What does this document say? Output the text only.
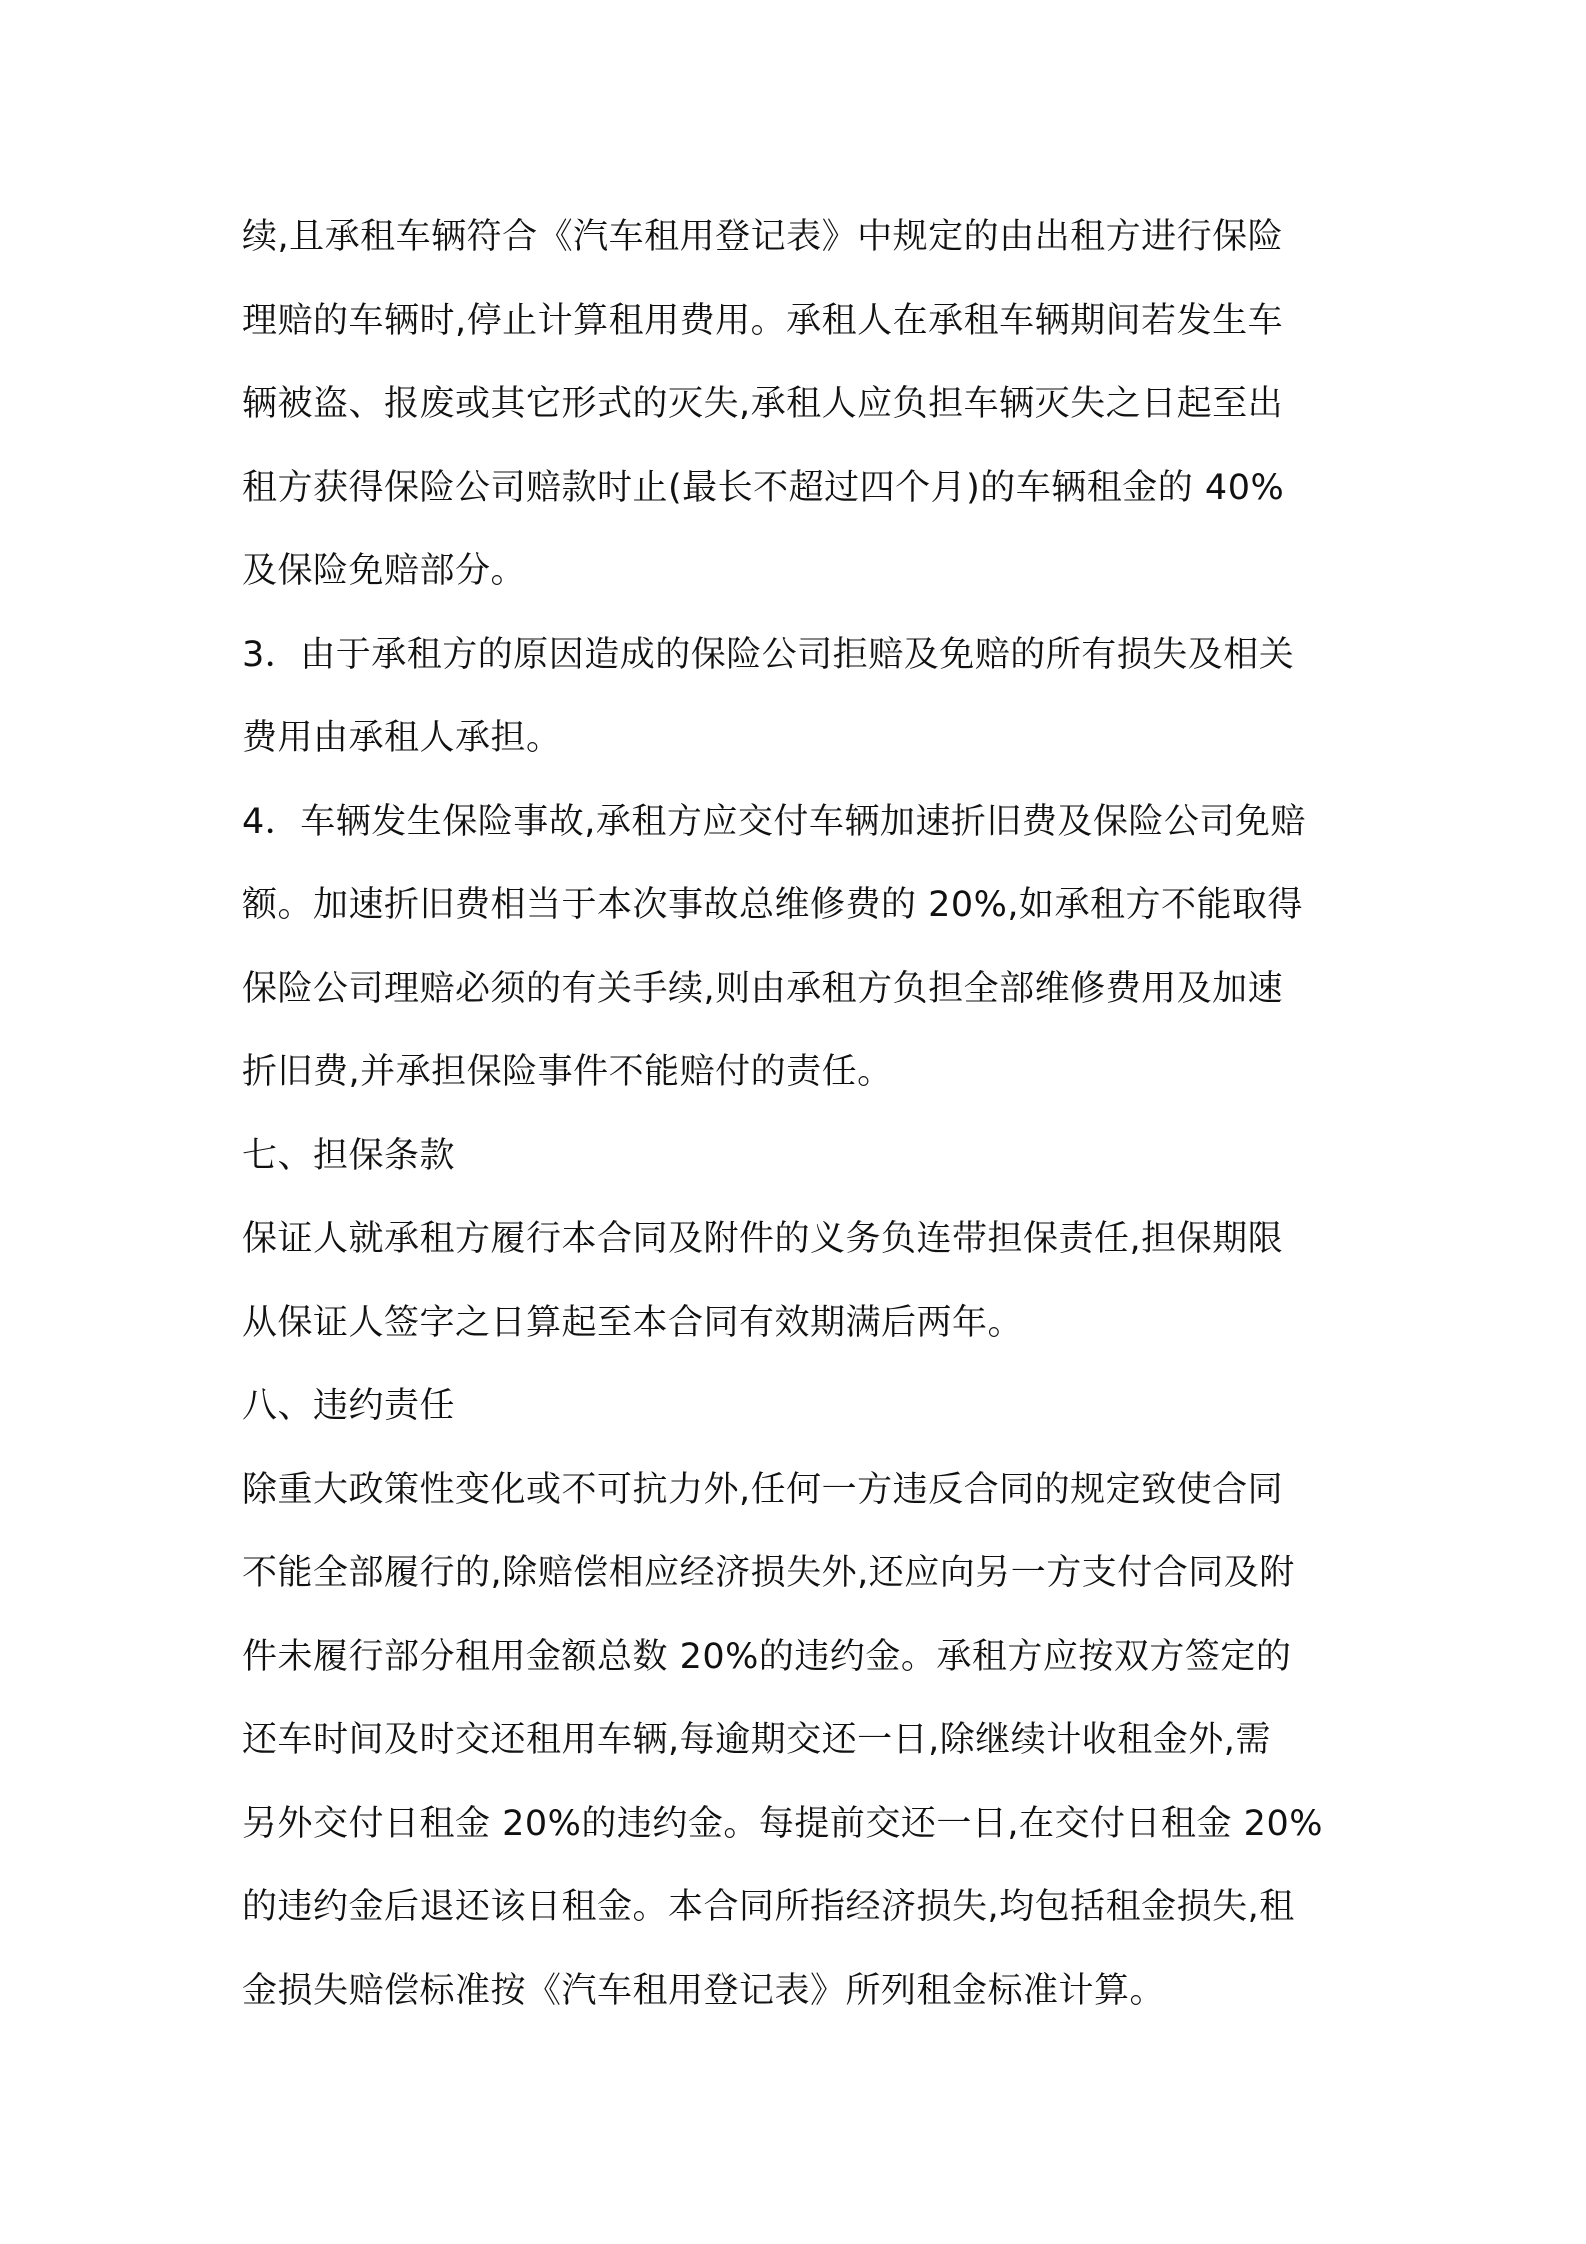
续,且承租车辆符合《汽车租用登记表》中规定的由出租方进行保险
理赔的车辆时,停止计算租用费用。承租人在承租车辆期间若发生车
辆被盗、报废或其它形式的灭失,承租人应负担车辆灭失之日起至出
租方获得保险公司赔款时止(最长不超过四个月)的车辆租金的 40%
及保险免赔部分。
3．由于承租方的原因造成的保险公司拒赔及免赔的所有损失及相关
费用由承租人承担。
4．车辆发生保险事故,承租方应交付车辆加速折旧费及保险公司免赔
额。加速折旧费相当于本次事故总维修费的 20%,如承租方不能取得
保险公司理赔必须的有关手续,则由承租方负担全部维修费用及加速
折旧费,并承担保险事件不能赔付的责任。
七、担保条款
保证人就承租方履行本合同及附件的义务负连带担保责任,担保期限
从保证人签字之日算起至本合同有效期满后两年。
八、违约责任
除重大政策性变化或不可抗力外,任何一方违反合同的规定致使合同
不能全部履行的,除赔偿相应经济损失外,还应向另一方支付合同及附
件未履行部分租用金额总数 20%的违约金。承租方应按双方签定的
还车时间及时交还租用车辆,每逾期交还一日,除继续计收租金外,需
另外交付日租金 20%的违约金。每提前交还一日,在交付日租金 20%
的违约金后退还该日租金。本合同所指经济损失,均包括租金损失,租
金损失赔偿标准按《汽车租用登记表》所列租金标准计算。
